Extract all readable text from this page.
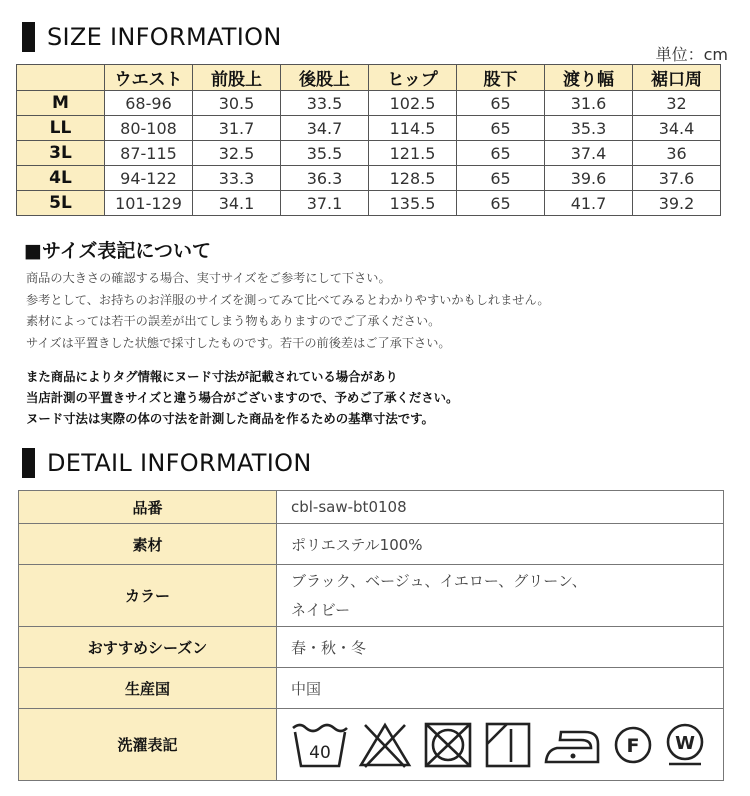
SIZE INFORMATION
単位：cm
	ウエスト	前股上	後股上	ヒップ	股下	渡り幅	裾口周
M	68-96	30.5	33.5	102.5	65	31.6	32
LL	80-108	31.7	34.7	114.5	65	35.3	34.4
3L	87-115	32.5	35.5	121.5	65	37.4	36
4L	94-122	33.3	36.3	128.5	65	39.6	37.6
5L	101-129	34.1	37.1	135.5	65	41.7	39.2
■サイズ表記について

商品の大きさの確認する場合、実寸サイズをご参考にして下さい。

参考として、お持ちのお洋服のサイズを測ってみて比べてみるとわかりやすいかもしれません。

素材によっては若干の誤差が出てしまう物もありますのでご了承ください。

サイズは平置きした状態で採寸したものです。若干の前後差はご了承下さい。

また商品によりタグ情報にヌード寸法が記載されている場合があり

当店計測の平置きサイズと違う場合がございますので、予めご了承ください。

ヌード寸法は実際の体の寸法を計測した商品を作るための基準寸法です。

DETAIL INFORMATION
品番	cbl-saw-bt0108
素材	ポリエステル100%
カラー	ブラック、ベージュ、イエロー、グリーン、
ネイビー

おすすめシーズン	春・秋・冬
生産国	中国
洗濯表記	40 F W
